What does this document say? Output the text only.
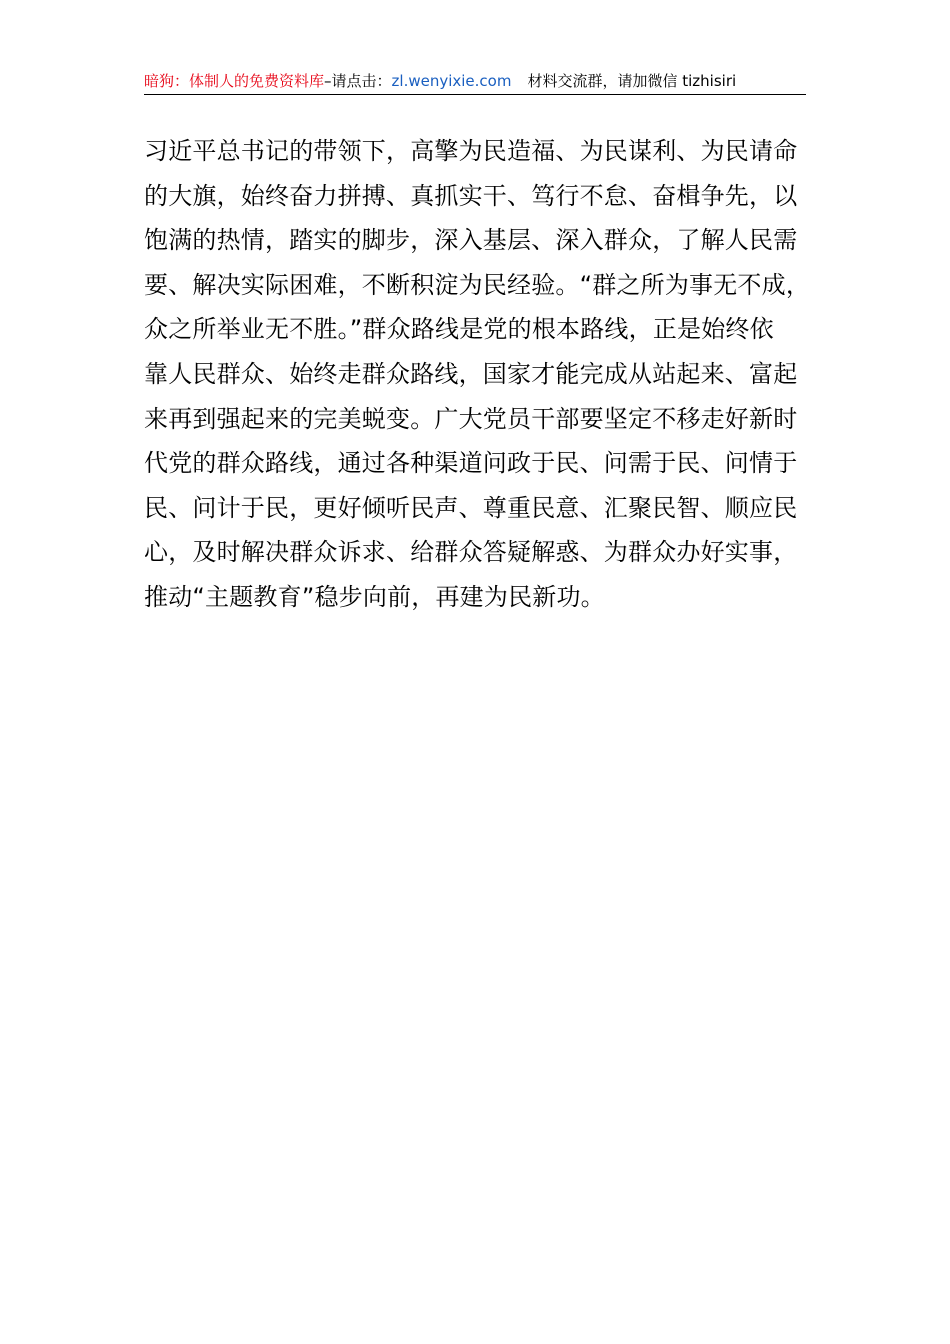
暗狗：体制人的免费资料库–请点击：zl.wenyixie.com 材料交流群，请加微信 tizhisiri
习近平总书记的带领下，高擎为民造福、为民谋利、为民请命
的大旗，始终奋力拼搏、真抓实干、笃行不怠、奋楫争先，以
饱满的热情，踏实的脚步，深入基层、深入群众，了解人民需
要、解决实际困难，不断积淀为民经验。“群之所为事无不成，
众之所举业无不胜。”群众路线是党的根本路线，正是始终依
靠人民群众、始终走群众路线，国家才能完成从站起来、富起
来再到强起来的完美蜕变。广大党员干部要坚定不移走好新时
代党的群众路线，通过各种渠道问政于民、问需于民、问情于
民、问计于民，更好倾听民声、尊重民意、汇聚民智、顺应民
心，及时解决群众诉求、给群众答疑解惑、为群众办好实事，
推动“主题教育”稳步向前，再建为民新功。
